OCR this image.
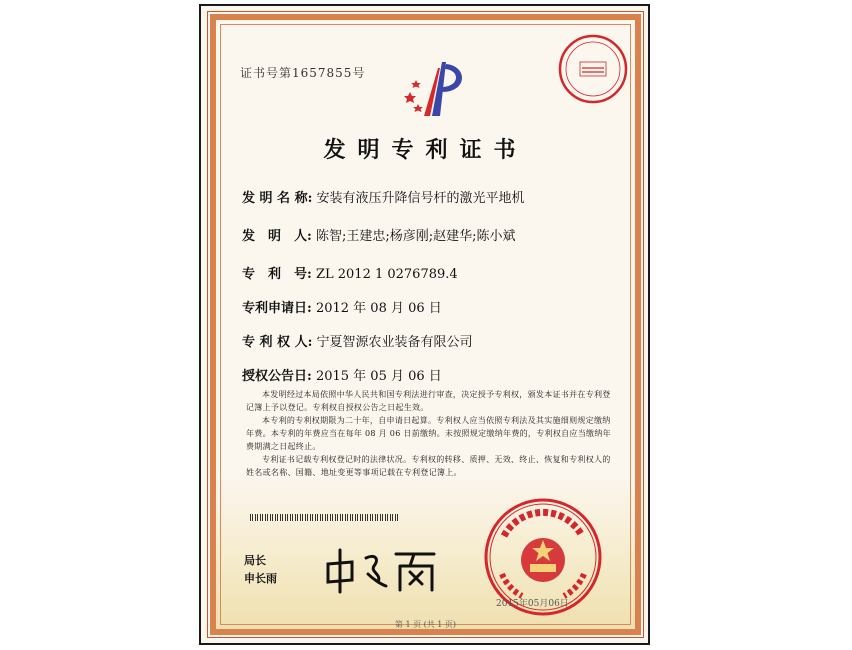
证书号第1657855号
发明专利证书
发 明 名 称: 安装有液压升降信号杆的激光平地机
发　明　人: 陈智;王建忠;杨彦刚;赵建华;陈小斌
专　利　号: ZL 2012 1 0276789.4
专利申请日: 2012 年 08 月 06 日
专 利 权 人: 宁夏智源农业装备有限公司
授权公告日: 2015 年 05 月 06 日

本发明经过本局依照中华人民共和国专利法进行审查，决定授予专利权，颁发本证书并在专利登记簿上予以登记。专利权自授权公告之日起生效。

本专利的专利权期限为二十年，自申请日起算。专利权人应当依照专利法及其实施细则规定缴纳年费。本专利的年费应当在每年 08 月 06 日前缴纳。未按照规定缴纳年费的，专利权自应当缴纳年费期满之日起终止。

专利证书记载专利权登记时的法律状况。专利权的转移、质押、无效、终止、恢复和专利权人的姓名或名称、国籍、地址变更等事项记载在专利登记簿上。

局长
申长雨
2015年05月06日
第 1 页 (共 1 页)
